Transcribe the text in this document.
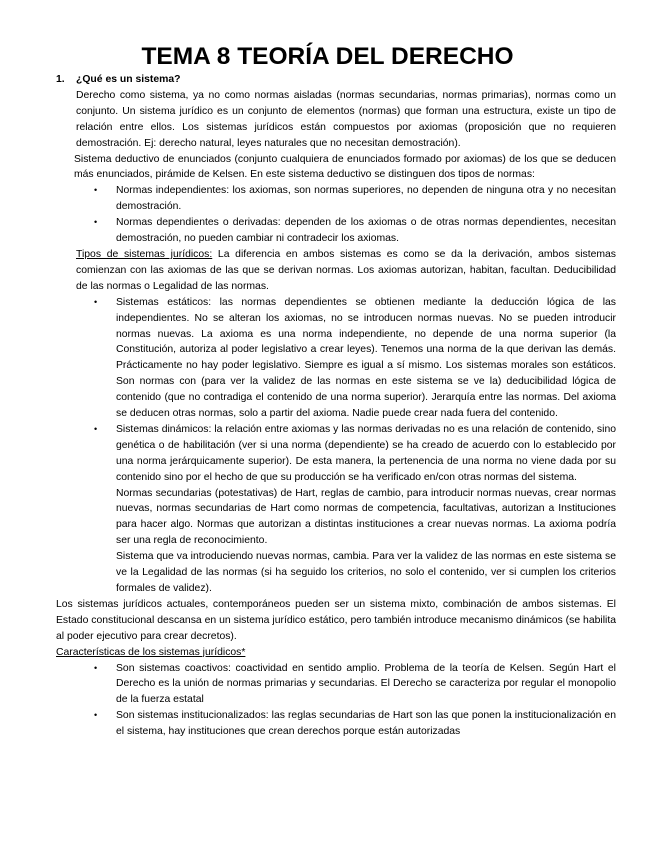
TEMA 8 TEORÍA DEL DERECHO
1. ¿Qué es un sistema?
Derecho como sistema, ya no como normas aisladas (normas secundarias, normas primarias), normas como un conjunto. Un sistema jurídico es un conjunto de elementos (normas) que forman una estructura, existe un tipo de relación entre ellos. Los sistemas jurídicos están compuestos por axiomas (proposición que no requieren demostración. Ej: derecho natural, leyes naturales que no necesitan demostración).
Sistema deductivo de enunciados (conjunto cualquiera de enunciados formado por axiomas) de los que se deducen más enunciados, pirámide de Kelsen. En este sistema deductivo se distinguen dos tipos de normas:
• Normas independientes: los axiomas, son normas superiores, no dependen de ninguna otra y no necesitan demostración.
• Normas dependientes o derivadas: dependen de los axiomas o de otras normas dependientes, necesitan demostración, no pueden cambiar ni contradecir los axiomas.
Tipos de sistemas jurídicos: La diferencia en ambos sistemas es como se da la derivación, ambos sistemas comienzan con las axiomas de las que se derivan normas. Los axiomas autorizan, habitan, facultan. Deducibilidad de las normas o Legalidad de las normas.
• Sistemas estáticos: las normas dependientes se obtienen mediante la deducción lógica de las independientes. No se alteran los axiomas, no se introducen normas nuevas. No se pueden introducir normas nuevas. La axioma es una norma independiente, no depende de una norma superior (la Constitución, autoriza al poder legislativo a crear leyes). Tenemos una norma de la que derivan las demás. Prácticamente no hay poder legislativo. Siempre es igual a sí mismo. Los sistemas morales son estáticos. Son normas con (para ver la validez de las normas en este sistema se ve la) deducibilidad lógica de contenido (que no contradiga el contenido de una norma superior). Jerarquía entre las normas. Del axioma se deducen otras normas, solo a partir del axioma. Nadie puede crear nada fuera del contenido.
• Sistemas dinámicos: la relación entre axiomas y las normas derivadas no es una relación de contenido, sino genética o de habilitación (ver si una norma (dependiente) se ha creado de acuerdo con lo establecido por una norma jerárquicamente superior). De esta manera, la pertenencia de una norma no viene dada por su contenido sino por el hecho de que su producción se ha verificado en/con otras normas del sistema.
Normas secundarias (potestativas) de Hart, reglas de cambio, para introducir normas nuevas, crear normas nuevas, normas secundarias de Hart como normas de competencia, facultativas, autorizan a Instituciones para hacer algo. Normas que autorizan a distintas instituciones a crear nuevas normas. La axioma podría ser una regla de reconocimiento.
Sistema que va introduciendo nuevas normas, cambia. Para ver la validez de las normas en este sistema se ve la Legalidad de las normas (si ha seguido los criterios, no solo el contenido, ver si cumplen los criterios formales de validez).
Los sistemas jurídicos actuales, contemporáneos pueden ser un sistema mixto, combinación de ambos sistemas. El Estado constitucional descansa en un sistema jurídico estático, pero también introduce mecanismo dinámicos (se habilita al poder ejecutivo para crear decretos).
Características de los sistemas jurídicos*
• Son sistemas coactivos: coactividad en sentido amplio. Problema de la teoría de Kelsen. Según Hart el Derecho es la unión de normas primarias y secundarias. El Derecho se caracteriza por regular el monopolio de la fuerza estatal
• Son sistemas institucionalizados: las reglas secundarias de Hart son las que ponen la institucionalización en el sistema, hay instituciones que crean derechos porque están autorizadas
